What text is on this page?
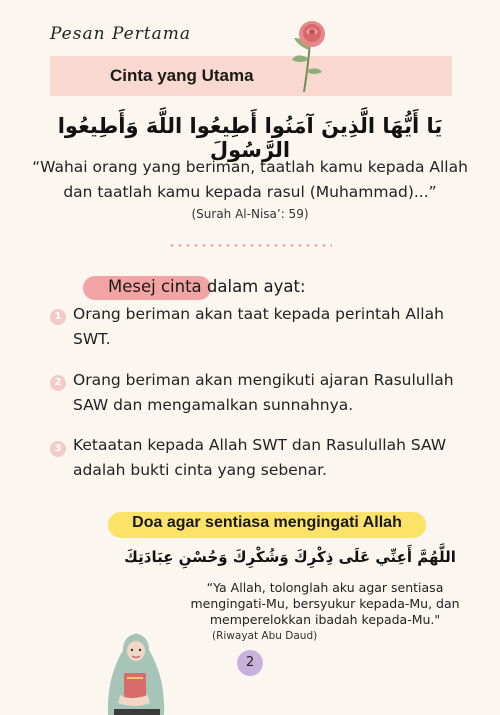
Pesan Pertama
Cinta yang Utama
يَا أَيُّهَا الَّذِينَ آمَنُوا أَطِيعُوا اللَّهَ وَأَطِيعُوا الرَّسُولَ
“Wahai orang yang beriman, taatlah kamu kepada Allah dan taatlah kamu kepada rasul (Muhammad)...”
(Surah Al-Nisa’: 59)
Mesej cinta dalam ayat:
1 Orang beriman akan taat kepada perintah Allah
SWT.
2 Orang beriman akan mengikuti ajaran Rasulullah
SAW dan mengamalkan sunnahnya.
3 Ketaatan kepada Allah SWT dan Rasulullah SAW
adalah bukti cinta yang sebenar.
Doa agar sentiasa mengingati Allah
اللَّهُمَّ أَعِنِّي عَلَى ذِكْرِكَ وَشُكْرِكَ وَحُسْنِ عِبَادَتِكَ
“Ya Allah, tolonglah aku agar sentiasa
mengingati-Mu, bersyukur kepada-Mu, dan
memperelokkan ibadah kepada-Mu."
(Riwayat Abu Daud)
2
